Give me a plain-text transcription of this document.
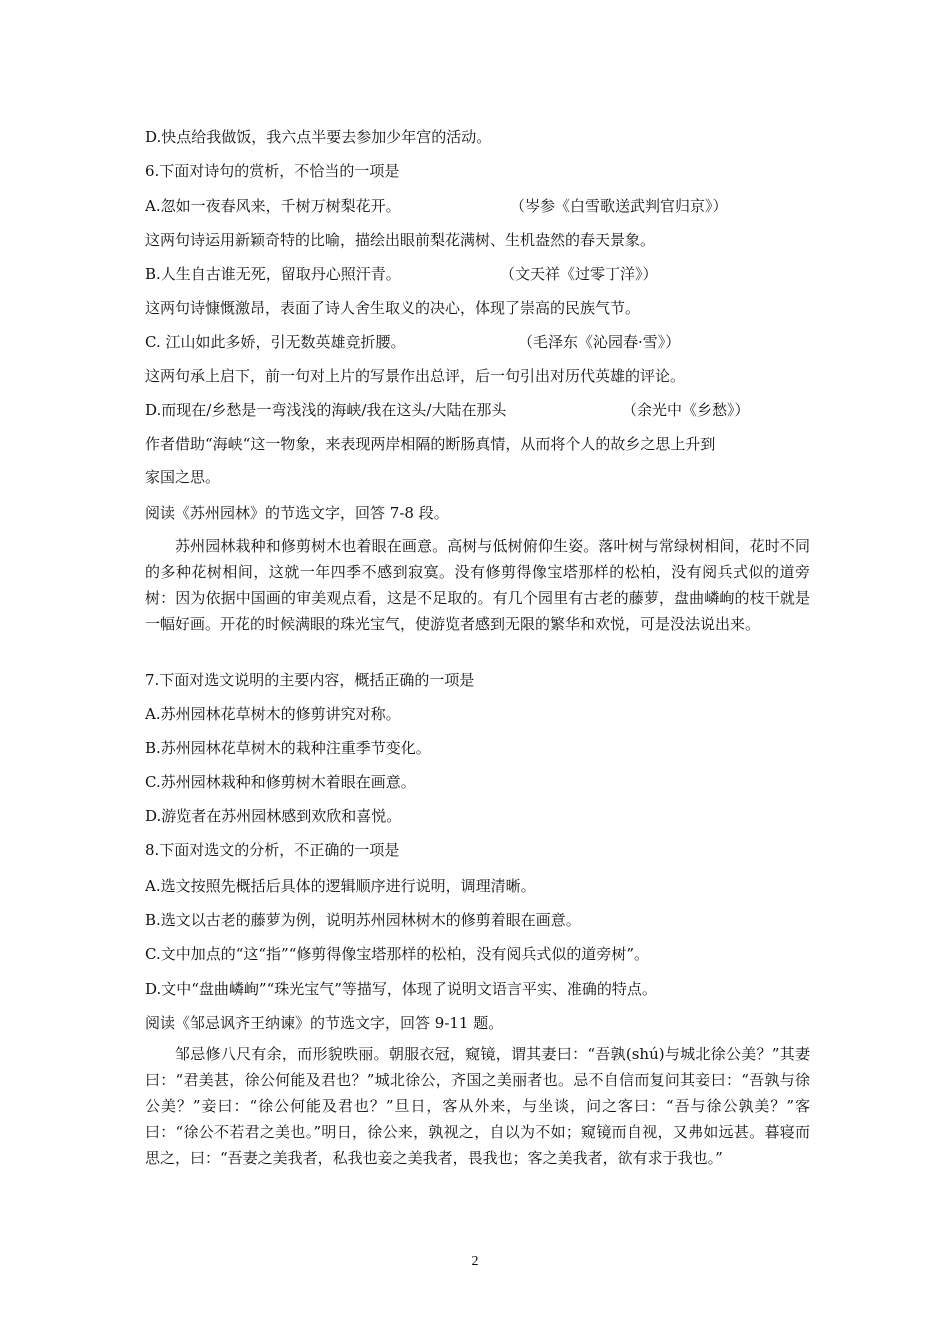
D.快点给我做饭，我六点半要去参加少年宫的活动。
6.下面对诗句的赏析，不恰当的一项是
A.忽如一夜春风来，千树万树梨花开。	（岑参《白雪歌送武判官归京》）
这两句诗运用新颖奇特的比喻，描绘出眼前梨花满树、生机盎然的春天景象。
B.人生自古谁无死，留取丹心照汗青。	（文天祥《过零丁洋》）
这两句诗慷慨激昂，表面了诗人舍生取义的决心，体现了崇高的民族气节。
C. 江山如此多娇，引无数英雄竞折腰。	（毛泽东《沁园春·雪》）
这两句承上启下，前一句对上片的写景作出总评，后一句引出对历代英雄的评论。
D.而现在/乡愁是一弯浅浅的海峡/我在这头/大陆在那头	（余光中《乡愁》）
作者借助“海峡“这一物象，来表现两岸相隔的断肠真情，从而将个人的故乡之思上升到
家国之思。
阅读《苏州园林》的节选文字，回答 7-8 段。
苏州园林栽种和修剪树木也着眼在画意。高树与低树俯仰生姿。落叶树与常绿树相间，花时不同的多种花树相间，这就一年四季不感到寂寞。没有修剪得像宝塔那样的松柏，没有阅兵式似的道旁树：因为依据中国画的审美观点看，这是不足取的。有几个园里有古老的藤萝，盘曲嶙峋的枝干就是一幅好画。开花的时候满眼的珠光宝气，使游览者感到无限的繁华和欢悦，可是没法说出来。
7.下面对选文说明的主要内容，概括正确的一项是
A.苏州园林花草树木的修剪讲究对称。
B.苏州园林花草树木的栽种注重季节变化。
C.苏州园林栽种和修剪树木着眼在画意。
D.游览者在苏州园林感到欢欣和喜悦。
8.下面对选文的分析，不正确的一项是
A.选文按照先概括后具体的逻辑顺序进行说明，调理清晰。
B.选文以古老的藤萝为例，说明苏州园林树木的修剪着眼在画意。
C.文中加点的“这“指”“修剪得像宝塔那样的松柏，没有阅兵式似的道旁树”。
D.文中“盘曲嶙峋”“珠光宝气”等描写，体现了说明文语言平实、准确的特点。
阅读《邹忌讽齐王纳谏》的节选文字，回答 9-11 题。
邹忌修八尺有余，而形貌昳丽。朝服衣冠，窥镜，谓其妻曰：“吾孰(shú)与城北徐公美？”其妻曰：“君美甚，徐公何能及君也？”城北徐公，齐国之美丽者也。忌不自信而复问其妾曰：“吾孰与徐公美？”妾曰：“徐公何能及君也？”旦日，客从外来，与坐谈，问之客曰：“吾与徐公孰美？”客曰：“徐公不若君之美也。”明日，徐公来，孰视之，自以为不如；窥镜而自视，又弗如远甚。暮寝而思之，曰：“吾妻之美我者，私我也妾之美我者，畏我也；客之美我者，欲有求于我也。”
2
